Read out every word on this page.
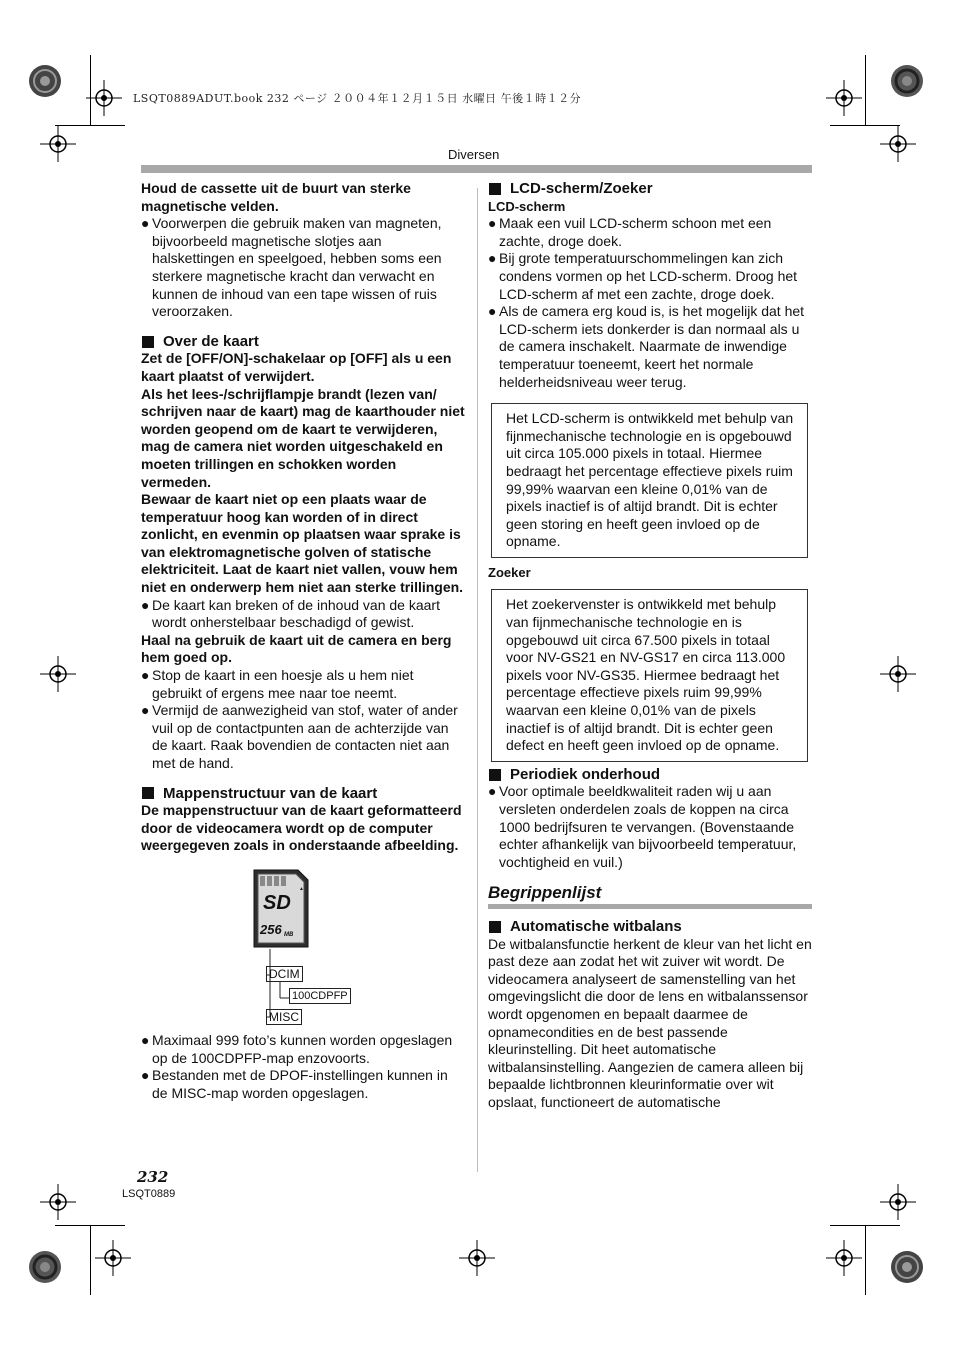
LSQT0889ADUT.book 232 ページ ２００４年１２月１５日 水曜日 午後１時１２分
Diversen

Houd de cassette uit de buurt van sterke magnetische velden.

● Voorwerpen die gebruik maken van magneten, bijvoorbeeld magnetische slotjes aan halskettingen en speelgoed, hebben soms een sterkere magnetische kracht dan verwacht en kunnen de inhoud van een tape wissen of ruis veroorzaken.

Over de kaart

Zet de [OFF/ON]-schakelaar op [OFF] als u een kaart plaatst of verwijdert.

Als het lees-/schrijflampje brandt (lezen van/ schrijven naar de kaart) mag de kaarthouder niet worden geopend om de kaart te verwijderen, mag de camera niet worden uitgeschakeld en moeten trillingen en schokken worden vermeden.

Bewaar de kaart niet op een plaats waar de temperatuur hoog kan worden of in direct zonlicht, en evenmin op plaatsen waar sprake is van elektromagnetische golven of statische elektriciteit. Laat de kaart niet vallen, vouw hem niet en onderwerp hem niet aan sterke trillingen.

● De kaart kan breken of de inhoud van de kaart wordt onherstelbaar beschadigd of gewist.

Haal na gebruik de kaart uit de camera en berg hem goed op.

● Stop de kaart in een hoesje als u hem niet gebruikt of ergens mee naar toe neemt.

● Vermijd de aanwezigheid van stof, water of ander vuil op de contactpunten aan de achterzijde van de kaart. Raak bovendien de contacten niet aan met de hand.

Mappenstructuur van de kaart

De mappenstructuur van de kaart geformatteerd door de videocamera wordt op de computer weergegeven zoals in onderstaande afbeelding.

▲
SD
256 MB
DCIM
100CDPFP
MISC

● Maximaal 999 foto’s kunnen worden opgeslagen op de 100CDPFP-map enzovoorts.

● Bestanden met de DPOF-instellingen kunnen in de MISC-map worden opgeslagen.

LCD-scherm/Zoeker

LCD-scherm

● Maak een vuil LCD-scherm schoon met een zachte, droge doek.

● Bij grote temperatuurschommelingen kan zich condens vormen op het LCD-scherm. Droog het LCD-scherm af met een zachte, droge doek.

● Als de camera erg koud is, is het mogelijk dat het LCD-scherm iets donkerder is dan normaal als u de camera inschakelt. Naarmate de inwendige temperatuur toeneemt, keert het normale helderheidsniveau weer terug.

Het LCD-scherm is ontwikkeld met behulp van fijnmechanische technologie en is opgebouwd uit circa 105.000 pixels in totaal. Hiermee bedraagt het percentage effectieve pixels ruim 99,99% waarvan een kleine 0,01% van de pixels inactief is of altijd brandt. Dit is echter geen storing en heeft geen invloed op de opname.

Zoeker

Het zoekervenster is ontwikkeld met behulp van fijnmechanische technologie en is opgebouwd uit circa 67.500 pixels in totaal voor NV-GS21 en NV-GS17 en circa 113.000 pixels voor NV-GS35. Hiermee bedraagt het percentage effectieve pixels ruim 99,99% waarvan een kleine 0,01% van de pixels inactief is of altijd brandt. Dit is echter geen defect en heeft geen invloed op de opname.

Periodiek onderhoud

● Voor optimale beeldkwaliteit raden wij u aan versleten onderdelen zoals de koppen na circa 1000 bedrijfsuren te vervangen. (Bovenstaande echter afhankelijk van bijvoorbeeld temperatuur, vochtigheid en vuil.)

Begrippenlijst

Automatische witbalans

De witbalansfunctie herkent de kleur van het licht en past deze aan zodat het wit zuiver wit wordt. De videocamera analyseert de samenstelling van het omgevingslicht die door de lens en witbalanssensor wordt opgenomen en bepaalt daarmee de opnamecondities en de best passende kleurinstelling. Dit heet automatische witbalansinstelling. Aangezien de camera alleen bij bepaalde lichtbronnen kleurinformatie over wit opslaat, functioneert de automatische

232
LSQT0889
